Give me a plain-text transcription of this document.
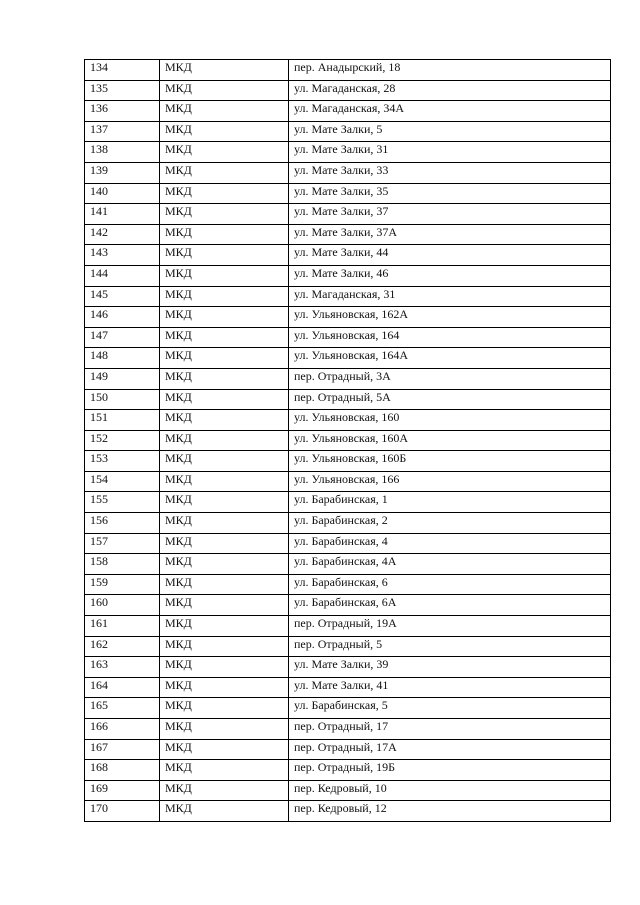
134	МКД	пер. Анадырский, 18
135	МКД	ул. Магаданская, 28
136	МКД	ул. Магаданская, 34А
137	МКД	ул. Мате Залки, 5
138	МКД	ул. Мате Залки, 31
139	МКД	ул. Мате Залки, 33
140	МКД	ул. Мате Залки, 35
141	МКД	ул. Мате Залки, 37
142	МКД	ул. Мате Залки, 37А
143	МКД	ул. Мате Залки, 44
144	МКД	ул. Мате Залки, 46
145	МКД	ул. Магаданская, 31
146	МКД	ул. Ульяновская, 162А
147	МКД	ул. Ульяновская, 164
148	МКД	ул. Ульяновская, 164А
149	МКД	пер. Отрадный, 3А
150	МКД	пер. Отрадный, 5А
151	МКД	ул. Ульяновская, 160
152	МКД	ул. Ульяновская, 160А
153	МКД	ул. Ульяновская, 160Б
154	МКД	ул. Ульяновская, 166
155	МКД	ул. Барабинская, 1
156	МКД	ул. Барабинская, 2
157	МКД	ул. Барабинская, 4
158	МКД	ул. Барабинская, 4А
159	МКД	ул. Барабинская, 6
160	МКД	ул. Барабинская, 6А
161	МКД	пер. Отрадный, 19А
162	МКД	пер. Отрадный, 5
163	МКД	ул. Мате Залки, 39
164	МКД	ул. Мате Залки, 41
165	МКД	ул. Барабинская, 5
166	МКД	пер. Отрадный, 17
167	МКД	пер. Отрадный, 17А
168	МКД	пер. Отрадный, 19Б
169	МКД	пер. Кедровый, 10
170	МКД	пер. Кедровый, 12
